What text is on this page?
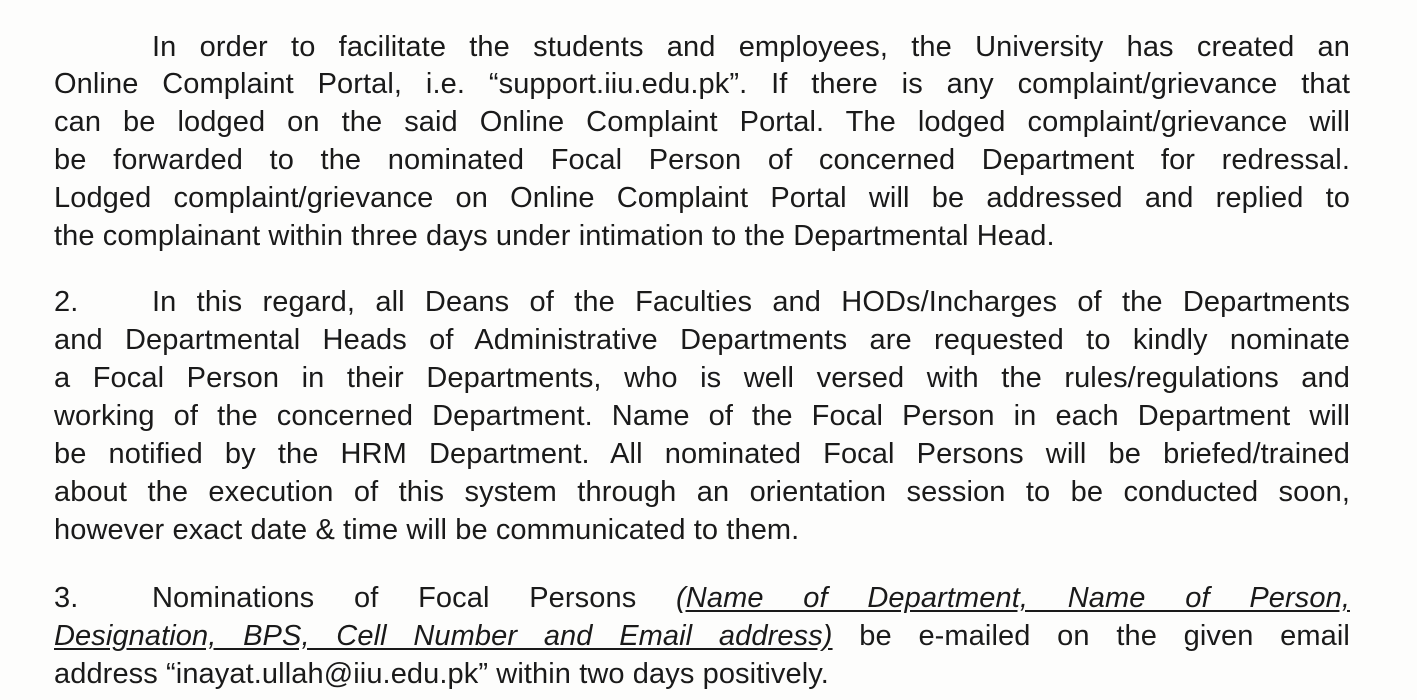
In order to facilitate the students and employees, the University has created an
Online Complaint Portal, i.e. “support.iiu.edu.pk”. If there is any complaint/grievance that
can be lodged on the said Online Complaint Portal. The lodged complaint/grievance will
be forwarded to the nominated Focal Person of concerned Department for redressal.
Lodged complaint/grievance on Online Complaint Portal will be addressed and replied to
the complainant within three days under intimation to the Departmental Head.
2.	In this regard, all Deans of the Faculties and HODs/Incharges of the Departments
and Departmental Heads of Administrative Departments are requested to kindly nominate
a Focal Person in their Departments, who is well versed with the rules/regulations and
working of the concerned Department. Name of the Focal Person in each Department will
be notified by the HRM Department. All nominated Focal Persons will be briefed/trained
about the execution of this system through an orientation session to be conducted soon,
however exact date & time will be communicated to them.
3.	Nominations of Focal Persons (Name of Department, Name of Person,
Designation, BPS, Cell Number and Email address) be e-mailed on the given email
address “inayat.ullah@iiu.edu.pk” within two days positively.
